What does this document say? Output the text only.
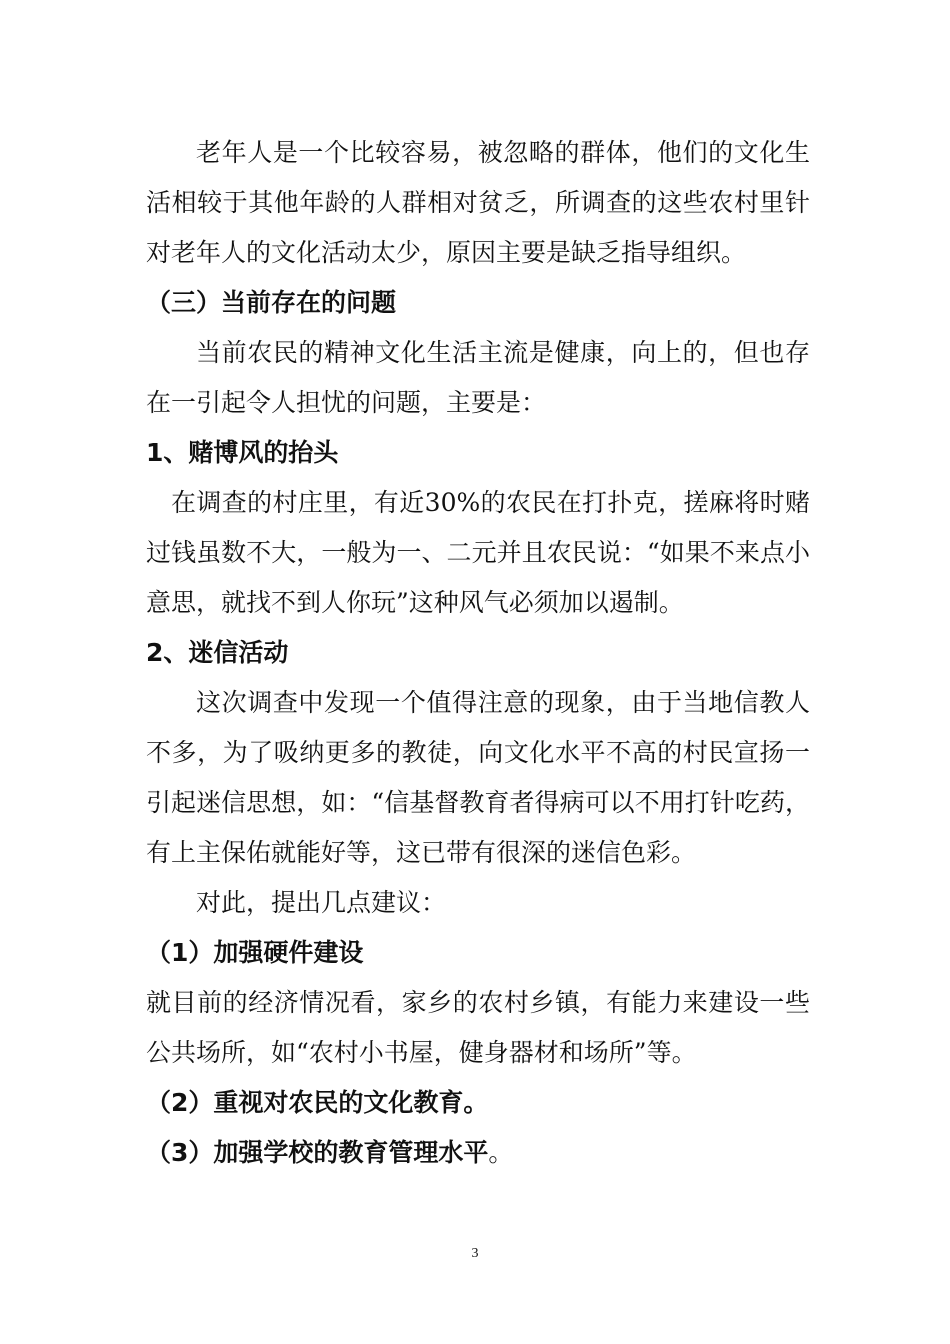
老年人是一个比较容易，被忽略的群体，他们的文化生活相较于其他年龄的人群相对贫乏，所调查的这些农村里针对老年人的文化活动太少，原因主要是缺乏指导组织。

（三）当前存在的问题

当前农民的精神文化生活主流是健康，向上的，但也存在一引起令人担忧的问题，主要是：

1、赌博风的抬头

在调查的村庄里，有近30%的农民在打扑克，搓麻将时赌过钱虽数不大，一般为一、二元并且农民说：“如果不来点小意思，就找不到人你玩”这种风气必须加以遏制。

2、迷信活动

这次调查中发现一个值得注意的现象，由于当地信教人不多，为了吸纳更多的教徒，向文化水平不高的村民宣扬一引起迷信思想，如：“信基督教育者得病可以不用打针吃药，有上主保佑就能好等，这已带有很深的迷信色彩。

对此，提出几点建议：

（1）加强硬件建设

就目前的经济情况看，家乡的农村乡镇，有能力来建设一些公共场所，如“农村小书屋，健身器材和场所”等。

（2）重视对农民的文化教育。

（3）加强学校的教育管理水平。

3
